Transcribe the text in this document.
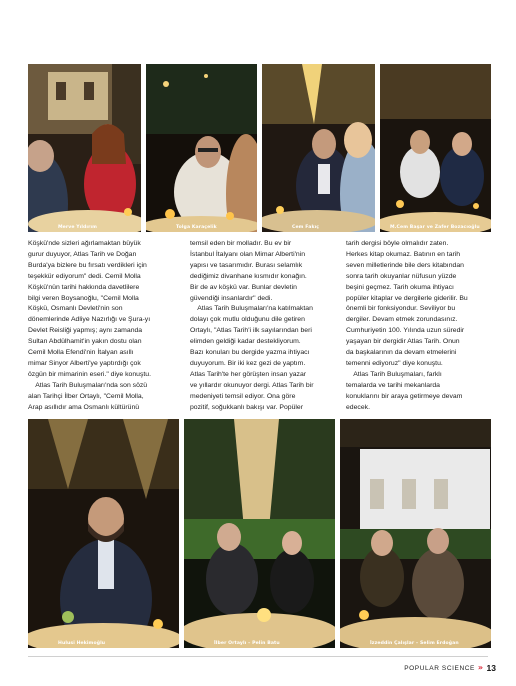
Merve Yıldırım	Tolga Karaçelik	Cem Fakıç	M.Cem Başar ve Zafer Bozacıoğlu
Köşkü'nde sizleri ağırlamaktan büyük
gurur duyuyor, Atlas Tarih ve Doğan
Burda'ya bizlere bu fırsatı verdikleri için
teşekkür ediyorum" dedi. Cemil Molla
Köşkü'nün tarihi hakkında davetlilere
bilgi veren Boysanoğlu, "Cemil Molla
Köşkü, Osmanlı Devleti'nin son
dönemlerinde Adliye Nazırlığı ve Şura-yı
Devlet Reisliği yapmış; aynı zamanda
Sultan Abdülhamit'in yakın dostu olan
Cemil Molla Efendi'nin İtalyan asıllı
mimar Sinyor Alberti'ye yaptırdığı çok
özgün bir mimarinin eseri." diye konuştu.
Atlas Tarih Buluşmaları'nda son sözü
alan Tarihçi İlber Ortaylı, "Cemil Molla,
Arap asıllıdır ama Osmanlı kültürünü
temsil eden bir molladır. Bu ev bir
İstanbul İtalyanı olan Mimar Alberti'nin
yapısı ve tasarımıdır. Burası selamlık
dediğimiz divanhane kısmıdır konağın.
Bir de av köşkü var. Bunlar devletin
güvendiği insanlardır" dedi.
Atlas Tarih Buluşmaları'na katılmaktan
dolayı çok mutlu olduğunu dile getiren
Ortaylı, "Atlas Tarih'i ilk sayılarından beri
elimden geldiği kadar destekliyorum.
Bazı konuları bu dergide yazma ihtiyacı
duyuyorum. Bir iki kez gezi de yaptım.
Atlas Tarih'te her görüşten insan yazar
ve yıllardır okunuyor dergi. Atlas Tarih bir
medeniyeti temsil ediyor. Ona göre
pozitif, soğukkanlı bakışı var. Popüler
tarih dergisi böyle olmalıdır zaten.
Herkes kitap okumaz. Batının en tarih
seven milletlerinde bile ders kitabından
sonra tarih okuyanlar nüfusun yüzde
beşini geçmez. Tarih okuma ihtiyacı
popüler kitaplar ve dergilerle giderilir. Bu
önemli bir fonksiyondur. Seviliyor bu
dergiler. Devam etmek zorundasınız.
Cumhuriyetin 100. Yılında uzun süredir
yaşayan bir dergidir Atlas Tarih. Onun
da başkalarının da devam etmelerini
temenni ediyoruz" diye konuştu.
Atlas Tarih Buluşmaları, farklı
temalarda ve tarihi mekanlarda
konuklarını bir araya getirmeye devam
edecek.
Hulusi Hekimoğlu	İlber Ortaylı – Pelin Batu	İzzeddin Çalışlar – Selim Erdoğan
POPULAR SCIENCE » 13
